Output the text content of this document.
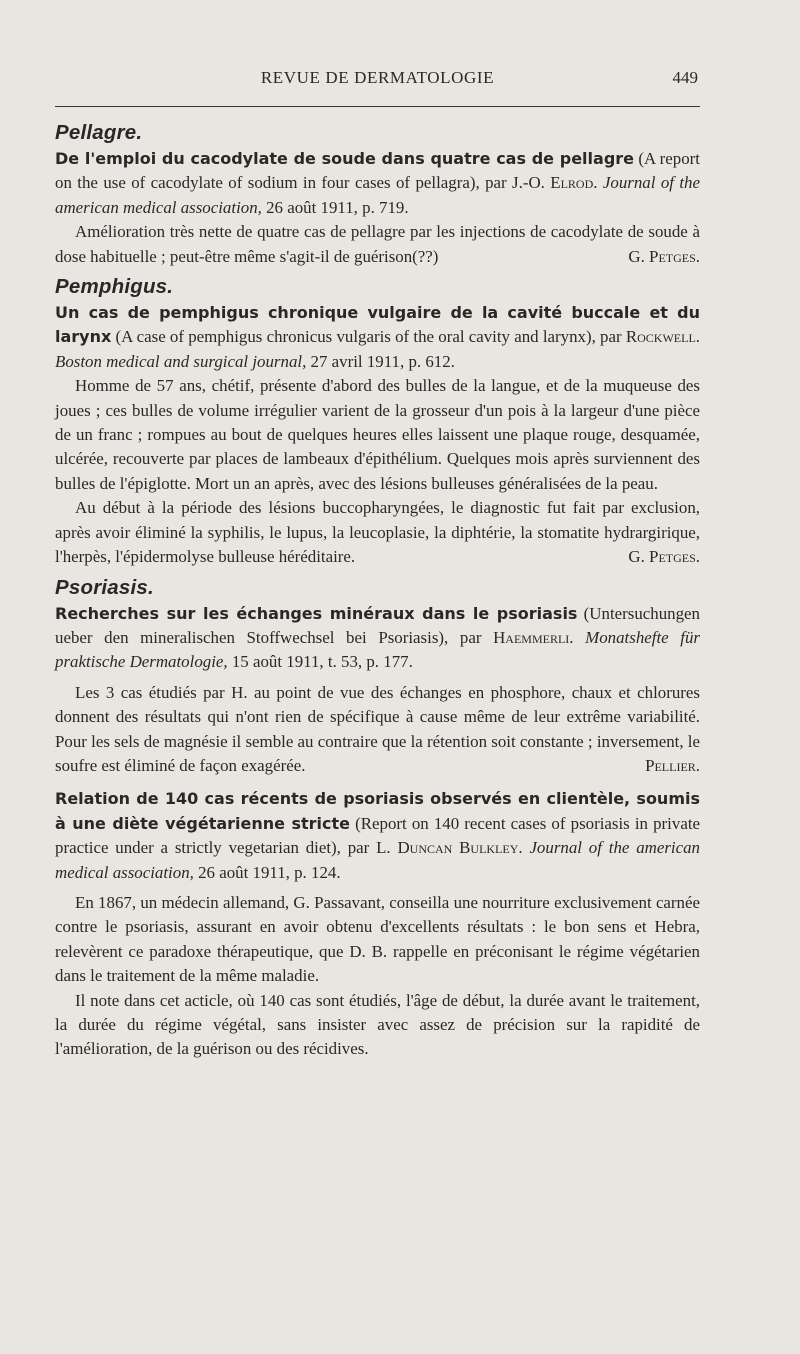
REVUE DE DERMATOLOGIE	449
Pellagre.

De l'emploi du cacodylate de soude dans quatre cas de pellagre (A report on the use of cacodylate of sodium in four cases of pellagra), par J.-O. Elrod. Journal of the american medical association, 26 août 1911, p. 719.

Amélioration très nette de quatre cas de pellagre par les injections de cacodylate de soude à dose habituelle ; peut-être même s'agit-il de guérison(??)	G. Petges.

Pemphigus.

Un cas de pemphigus chronique vulgaire de la cavité buccale et du larynx (A case of pemphigus chronicus vulgaris of the oral cavity and larynx), par Rockwell. Boston medical and surgical journal, 27 avril 1911, p. 612.

Homme de 57 ans, chétif, présente d'abord des bulles de la langue, et de la muqueuse des joues ; ces bulles de volume irrégulier varient de la grosseur d'un pois à la largeur d'une pièce de un franc ; rompues au bout de quelques heures elles laissent une plaque rouge, desquamée, ulcérée, recouverte par places de lambeaux d'épithélium. Quelques mois après surviennent des bulles de l'épiglotte. Mort un an après, avec des lésions bulleuses généralisées de la peau.

Au début à la période des lésions buccopharyngées, le diagnostic fut fait par exclusion, après avoir éliminé la syphilis, le lupus, la leucoplasie, la diphtérie, la stomatite hydrargirique, l'herpès, l'épidermolyse bulleuse héréditaire.	G. Petges.

Psoriasis.

Recherches sur les échanges minéraux dans le psoriasis (Untersuchungen ueber den mineralischen Stoffwechsel bei Psoriasis), par Haemmerli. Monatshefte für praktische Dermatologie, 15 août 1911, t. 53, p. 177.

Les 3 cas étudiés par H. au point de vue des échanges en phosphore, chaux et chlorures donnent des résultats qui n'ont rien de spécifique à cause même de leur extrême variabilité. Pour les sels de magnésie il semble au contraire que la rétention soit constante ; inversement, le soufre est éliminé de façon exagérée.	Pellier.

Relation de 140 cas récents de psoriasis observés en clientèle, soumis à une diète végétarienne stricte (Report on 140 recent cases of psoriasis in private practice under a strictly vegetarian diet), par L. Duncan Bulkley. Journal of the american medical association, 26 août 1911, p. 124.

En 1867, un médecin allemand, G. Passavant, conseilla une nourriture exclusivement carnée contre le psoriasis, assurant en avoir obtenu d'excellents résultats : le bon sens et Hebra, relevèrent ce paradoxe thérapeutique, que D. B. rappelle en préconisant le régime végétarien dans le traitement de la même maladie.

Il note dans cet acticle, où 140 cas sont étudiés, l'âge de début, la durée avant le traitement, la durée du régime végétal, sans insister avec assez de précision sur la rapidité de l'amélioration, de la guérison ou des récidives.
